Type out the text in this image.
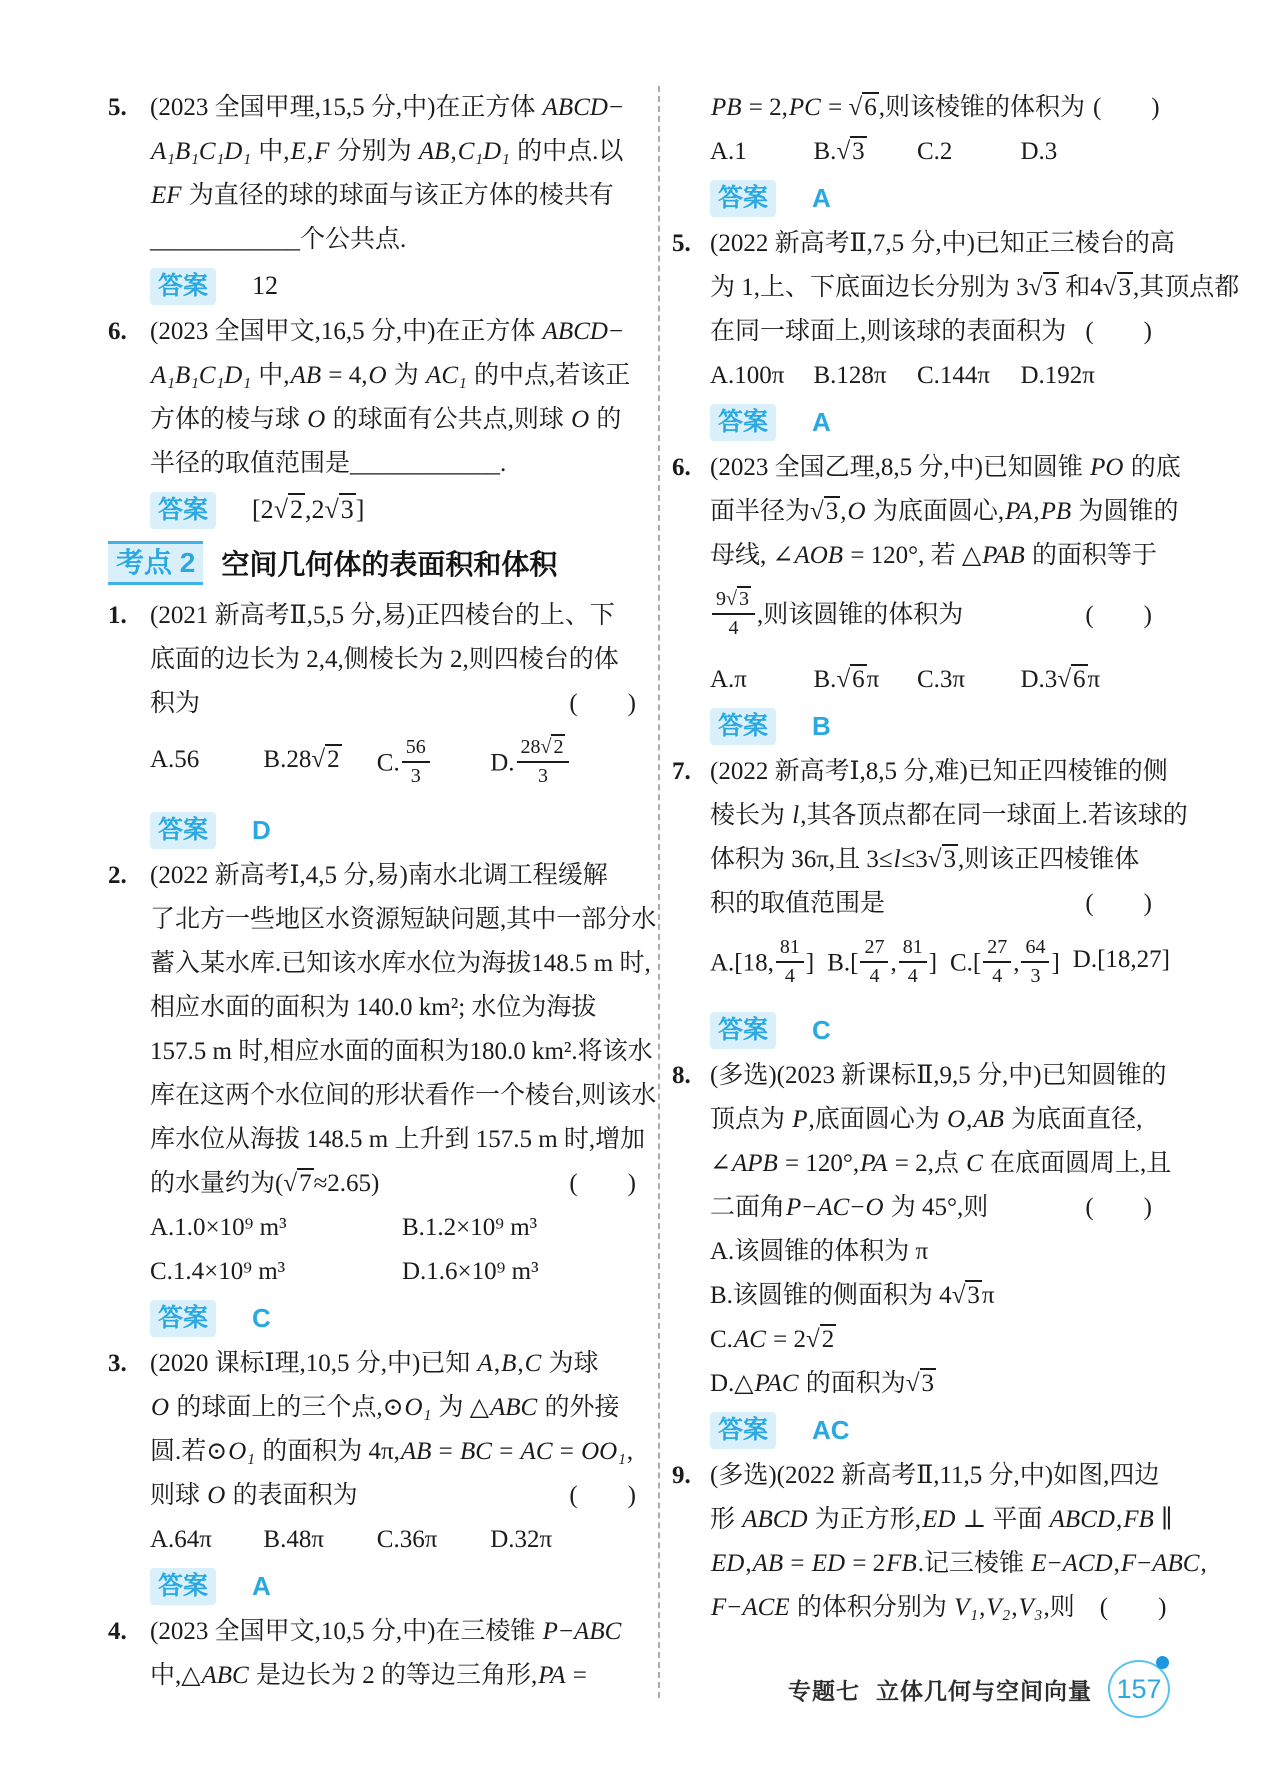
5. (2023 全国甲理,15,5 分,中)在正方体 ABCD−
A₁B₁C₁D₁ 中,E,F 分别为 AB,C₁D₁ 的中点.以
EF 为直径的球的球面与该正方体的棱共有
____________个公共点.
答案	12
6. (2023 全国甲文,16,5 分,中)在正方体 ABCD−
A₁B₁C₁D₁ 中,AB = 4,O 为 AC₁ 的中点,若该正
方体的棱与球 O 的球面有公共点,则球 O 的
半径的取值范围是____________.
答案	[2√2,2√3]
考点 2 空间几何体的表面积和体积
1. (2021 新高考Ⅱ,5,5 分,易)正四棱台的上、下
底面的边长为 2,4,侧棱长为 2,则四棱台的体
积为	(　　)
A.56	B.28√2	C. $\frac{56}{3} D$. $\frac{28√ 2}{3}$
答案	D
2. (2022 新高考Ⅰ,4,5 分,易)南水北调工程缓解
了北方一些地区水资源短缺问题,其中一部分水
蓄入某水库.已知该水库水位为海拔148.5 m 时,
相应水面的面积为 140.0 km²; 水位为海拔
157.5 m 时,相应水面的面积为180.0 km².将该水
库在这两个水位间的形状看作一个棱台,则该水
库水位从海拔 148.5 m 上升到 157.5 m 时,增加
的水量约为(√7≈2.65)	(　　)
A.1.0×10⁹ m³	B.1.2×10⁹ m³
C.1.4×10⁹ m³	D.1.6×10⁹ m³
答案	C
3. (2020 课标Ⅰ理,10,5 分,中)已知 A,B,C 为球
O 的球面上的三个点,⊙O₁ 为 △ABC 的外接
圆.若⊙O₁ 的面积为 4π,AB = BC = AC = OO₁,
则球 O 的表面积为	(　　)
A.64π	B.48π	C.36π	D.32π
答案	A
4. (2023 全国甲文,10,5 分,中)在三棱锥 P−ABC
中,△ABC 是边长为 2 的等边三角形,PA =
PB = 2,PC = √6,则该棱锥的体积为 (　　)
A.1	B.√3	C.2	D.3
答案	A
5. (2022 新高考Ⅱ,7,5 分,中)已知正三棱台的高
为 1,上、下底面边长分别为 3√3 和4√3,其顶点都
在同一球面上,则该球的表面积为 (　　)
A.100π	B.128π	C.144π	D.192π
答案	A
6. (2023 全国乙理,8,5 分,中)已知圆锥 PO 的底
面半径为√3,O 为底面圆心,PA,PB 为圆锥的
母线, ∠AOB = 120°, 若 △PAB 的面积等于
$\frac{9√ 3}{4}$ ,则该圆锥的体积为	(　　)
A.π	B.√6π	C.3π	D.3√6π
答案	B
7. (2022 新高考Ⅰ,8,5 分,难)已知正四棱锥的侧
棱长为 l,其各顶点都在同一球面上.若该球的
体积为 36π,且 3≤l≤3√3,则该正四棱锥体
积的取值范围是	(　　)
A.[18, $\frac{81}{4}$ ] $B.[ \frac{27}{4}$ , $\frac{81}{4}$ ] $C.[ \frac{27}{4}$ , $\frac{64}{3}$ ] D.[18,27]
答案	C
8. (多选)(2023 新课标Ⅱ,9,5 分,中)已知圆锥的
顶点为 P,底面圆心为 O,AB 为底面直径,
∠APB = 120°,PA = 2,点 C 在底面圆周上,且
二面角P−AC−O 为 45°,则	(　　)
A.该圆锥的体积为 π
B.该圆锥的侧面积为 4√3π
C.AC = 2√2
D.△PAC 的面积为√3
答案	AC
9. (多选)(2022 新高考Ⅱ,11,5 分,中)如图,四边
形 ABCD 为正方形,ED ⊥ 平面 ABCD,FB ∥
ED,AB = ED = 2FB.记三棱锥 E−ACD,F−ABC,
F−ACE 的体积分别为 V₁,V₂,V₃,则　(　　)
专题七 立体几何与空间向量 157
